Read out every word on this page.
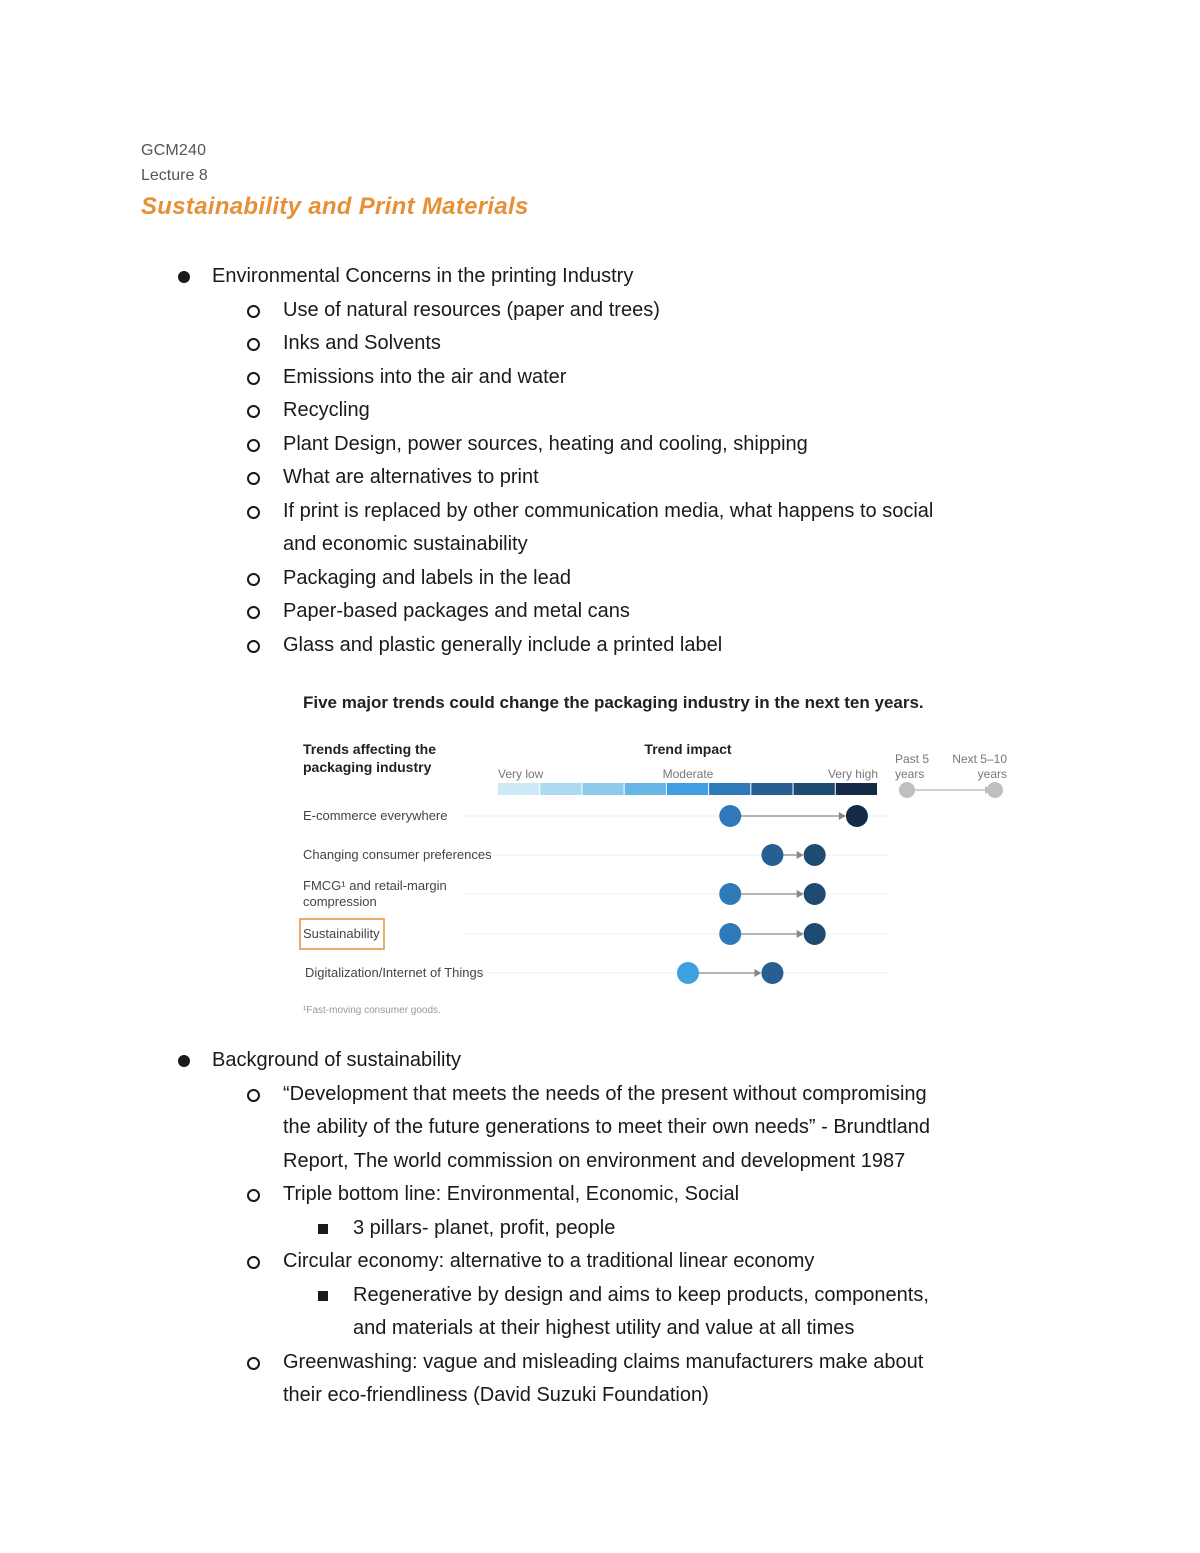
GCM240
Lecture 8
Sustainability and Print Materials
Environmental Concerns in the printing Industry
Use of natural resources (paper and trees)
Inks and Solvents
Emissions into the air and water
Recycling
Plant Design, power sources, heating and cooling, shipping
What are alternatives to print
If print is replaced by other communication media, what happens to social
and economic sustainability
Packaging and labels in the lead
Paper-based packages and metal cans
Glass and plastic generally include a printed label
Background of sustainability
“Development that meets the needs of the present without compromising
the ability of the future generations to meet their own needs” - Brundtland
Report, The world commission on environment and development 1987
Triple bottom line: Environmental, Economic, Social
3 pillars- planet, profit, people
Circular economy: alternative to a traditional linear economy
Regenerative by design and aims to keep products, components,
and materials at their highest utility and value at all times
Greenwashing: vague and misleading claims manufacturers make about
their eco-friendliness (David Suzuki Foundation)
Five major trends could change the packaging industry in the next ten years.
Trends affecting the
packaging industry
Trend impact
Very low	Moderate	Very high
Past 5
years
Next 5–10
years
E-commerce everywhere
Changing consumer preferences
FMCG¹ and retail-margin
compression
Sustainability
Digitalization/Internet of Things
¹Fast-moving consumer goods.
